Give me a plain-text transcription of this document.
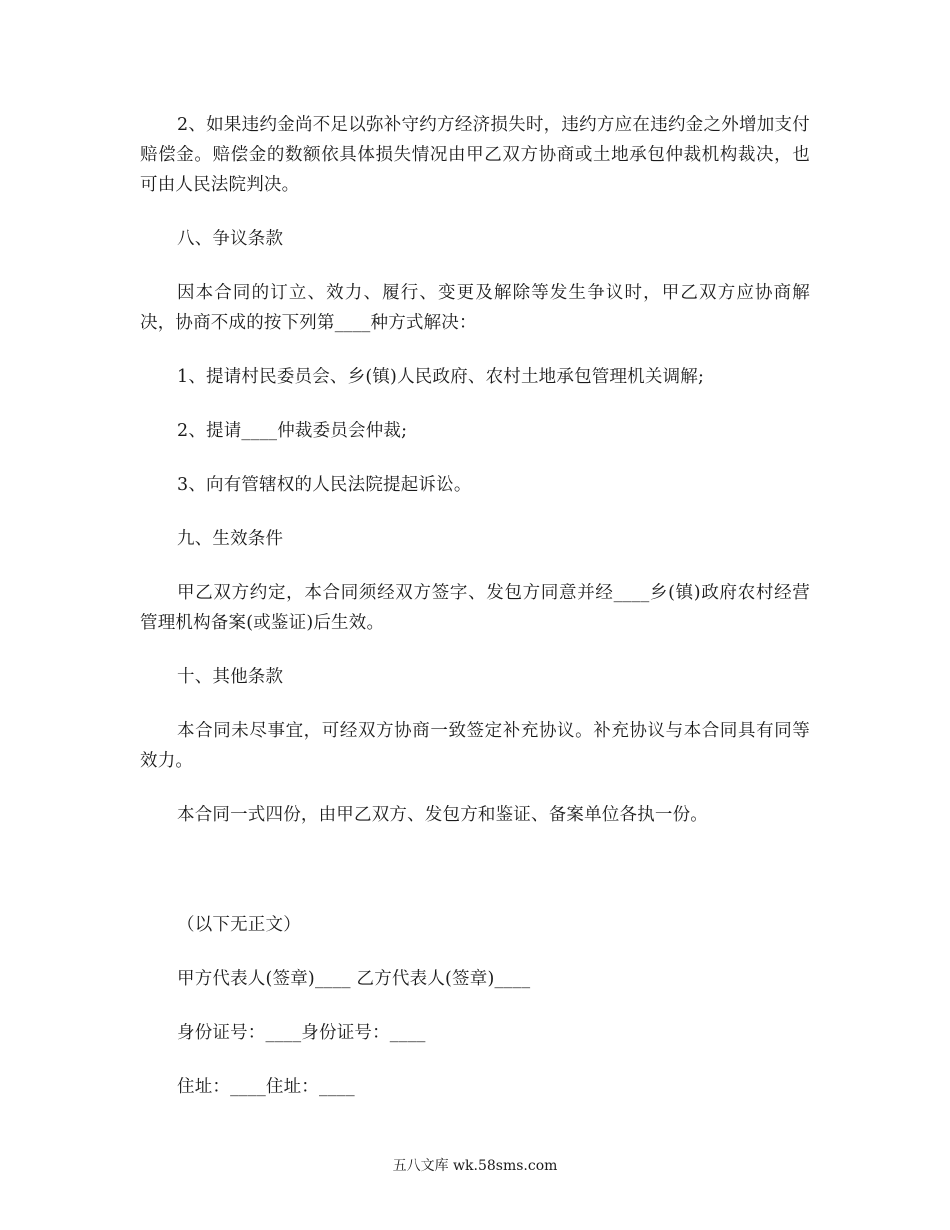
2、如果违约金尚不足以弥补守约方经济损失时，违约方应在违约金之外增加支付赔偿金。赔偿金的数额依具体损失情况由甲乙双方协商或土地承包仲裁机构裁决，也可由人民法院判决。

八、争议条款

因本合同的订立、效力、履行、变更及解除等发生争议时，甲乙双方应协商解决，协商不成的按下列第____种方式解决：

1、提请村民委员会、乡(镇)人民政府、农村土地承包管理机关调解;

2、提请____仲裁委员会仲裁;

3、向有管辖权的人民法院提起诉讼。

九、生效条件

甲乙双方约定，本合同须经双方签字、发包方同意并经____乡(镇)政府农村经营管理机构备案(或鉴证)后生效。

十、其他条款

本合同未尽事宜，可经双方协商一致签定补充协议。补充协议与本合同具有同等效力。

本合同一式四份，由甲乙双方、发包方和鉴证、备案单位各执一份。

（以下无正文）

甲方代表人(签章)____ 乙方代表人(签章)____

身份证号：____身份证号：____

住址：____住址：____

五八文库 wk.58sms.com
